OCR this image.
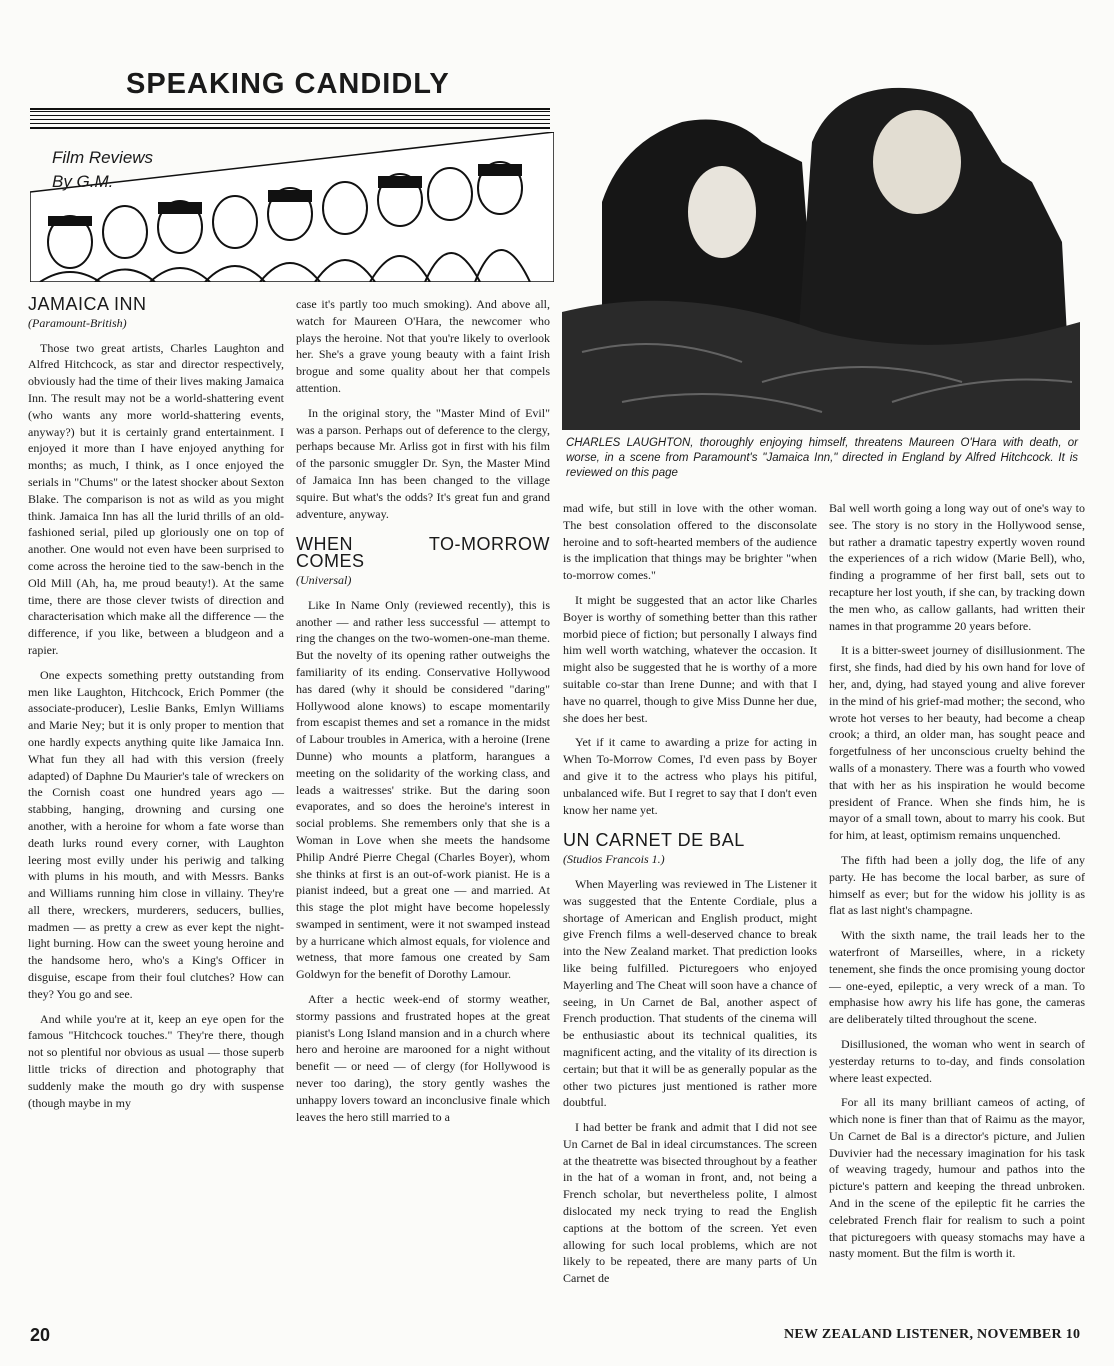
SPEAKING CANDIDLY
Film Reviews
By G.M.
CHARLES LAUGHTON, thoroughly enjoying himself, threatens Maureen O'Hara with death, or worse, in a scene from Paramount's "Jamaica Inn," directed in England by Alfred Hitchcock. It is reviewed on this page
JAMAICA INN

(Paramount-British)

Those two great artists, Charles Laughton and Alfred Hitchcock, as star and director respectively, obviously had the time of their lives making Jamaica Inn. The result may not be a world-shattering event (who wants any more world-shattering events, anyway?) but it is certainly grand entertainment. I enjoyed it more than I have enjoyed anything for months; as much, I think, as I once enjoyed the serials in "Chums" or the latest shocker about Sexton Blake. The comparison is not as wild as you might think. Jamaica Inn has all the lurid thrills of an old-fashioned serial, piled up gloriously one on top of another. One would not even have been surprised to come across the heroine tied to the saw-bench in the Old Mill (Ah, ha, me proud beauty!). At the same time, there are those clever twists of direction and characterisation which make all the difference — the difference, if you like, between a bludgeon and a rapier.

One expects something pretty outstanding from men like Laughton, Hitchcock, Erich Pommer (the associate-producer), Leslie Banks, Emlyn Williams and Marie Ney; but it is only proper to mention that one hardly expects anything quite like Jamaica Inn. What fun they all had with this version (freely adapted) of Daphne Du Maurier's tale of wreckers on the Cornish coast one hundred years ago — stabbing, hanging, drowning and cursing one another, with a heroine for whom a fate worse than death lurks round every corner, with Laughton leering most evilly under his periwig and talking with plums in his mouth, and with Messrs. Banks and Williams running him close in villainy. They're all there, wreckers, murderers, seducers, bullies, madmen — as pretty a crew as ever kept the night-light burning. How can the sweet young heroine and the handsome hero, who's a King's Officer in disguise, escape from their foul clutches? How can they? You go and see.

And while you're at it, keep an eye open for the famous "Hitchcock touches." They're there, though not so plentiful nor obvious as usual — those superb little tricks of direction and photography that suddenly make the mouth go dry with suspense (though maybe in my

case it's partly too much smoking). And above all, watch for Maureen O'Hara, the newcomer who plays the heroine. Not that you're likely to overlook her. She's a grave young beauty with a faint Irish brogue and some quality about her that compels attention.

In the original story, the "Master Mind of Evil" was a parson. Perhaps out of deference to the clergy, perhaps because Mr. Arliss got in first with his film of the parsonic smuggler Dr. Syn, the Master Mind of Jamaica Inn has been changed to the village squire. But what's the odds? It's great fun and grand adventure, anyway.

WHEN TO-MORROW COMES

(Universal)

Like In Name Only (reviewed recently), this is another — and rather less successful — attempt to ring the changes on the two-women-one-man theme. But the novelty of its opening rather outweighs the familiarity of its ending. Conservative Hollywood has dared (why it should be considered "daring" Hollywood alone knows) to escape momentarily from escapist themes and set a romance in the midst of Labour troubles in America, with a heroine (Irene Dunne) who mounts a platform, harangues a meeting on the solidarity of the working class, and leads a waitresses' strike. But the daring soon evaporates, and so does the heroine's interest in social problems. She remembers only that she is a Woman in Love when she meets the handsome Philip André Pierre Chegal (Charles Boyer), whom she thinks at first is an out-of-work pianist. He is a pianist indeed, but a great one — and married. At this stage the plot might have become hopelessly swamped in sentiment, were it not swamped instead by a hurricane which almost equals, for violence and wetness, that more famous one created by Sam Goldwyn for the benefit of Dorothy Lamour.

After a hectic week-end of stormy weather, stormy passions and frustrated hopes at the great pianist's Long Island mansion and in a church where hero and heroine are marooned for a night without benefit — or need — of clergy (for Hollywood is never too daring), the story gently washes the unhappy lovers toward an inconclusive finale which leaves the hero still married to a

mad wife, but still in love with the other woman. The best consolation offered to the disconsolate heroine and to soft-hearted members of the audience is the implication that things may be brighter "when to-morrow comes."

It might be suggested that an actor like Charles Boyer is worthy of something better than this rather morbid piece of fiction; but personally I always find him well worth watching, whatever the occasion. It might also be suggested that he is worthy of a more suitable co-star than Irene Dunne; and with that I have no quarrel, though to give Miss Dunne her due, she does her best.

Yet if it came to awarding a prize for acting in When To-Morrow Comes, I'd even pass by Boyer and give it to the actress who plays his pitiful, unbalanced wife. But I regret to say that I don't even know her name yet.

UN CARNET DE BAL

(Studios Francois 1.)

When Mayerling was reviewed in The Listener it was suggested that the Entente Cordiale, plus a shortage of American and English product, might give French films a well-deserved chance to break into the New Zealand market. That prediction looks like being fulfilled. Picturegoers who enjoyed Mayerling and The Cheat will soon have a chance of seeing, in Un Carnet de Bal, another aspect of French production. That students of the cinema will be enthusiastic about its technical qualities, its magnificent acting, and the vitality of its direction is certain; but that it will be as generally popular as the other two pictures just mentioned is rather more doubtful.

I had better be frank and admit that I did not see Un Carnet de Bal in ideal circumstances. The screen at the theatrette was bisected throughout by a feather in the hat of a woman in front, and, not being a French scholar, but nevertheless polite, I almost dislocated my neck trying to read the English captions at the bottom of the screen. Yet even allowing for such local problems, which are not likely to be repeated, there are many parts of Un Carnet de

Bal well worth going a long way out of one's way to see. The story is no story in the Hollywood sense, but rather a dramatic tapestry expertly woven round the experiences of a rich widow (Marie Bell), who, finding a programme of her first ball, sets out to recapture her lost youth, if she can, by tracking down the men who, as callow gallants, had written their names in that programme 20 years before.

It is a bitter-sweet journey of disillusionment. The first, she finds, had died by his own hand for love of her, and, dying, had stayed young and alive forever in the mind of his grief-mad mother; the second, who wrote hot verses to her beauty, had become a cheap crook; a third, an older man, has sought peace and forgetfulness of her unconscious cruelty behind the walls of a monastery. There was a fourth who vowed that with her as his inspiration he would become president of France. When she finds him, he is mayor of a small town, about to marry his cook. But for him, at least, optimism remains unquenched.

The fifth had been a jolly dog, the life of any party. He has become the local barber, as sure of himself as ever; but for the widow his jollity is as flat as last night's champagne.

With the sixth name, the trail leads her to the waterfront of Marseilles, where, in a rickety tenement, she finds the once promising young doctor — one-eyed, epileptic, a very wreck of a man. To emphasise how awry his life has gone, the cameras are deliberately tilted throughout the scene.

Disillusioned, the woman who went in search of yesterday returns to to-day, and finds consolation where least expected.

For all its many brilliant cameos of acting, of which none is finer than that of Raimu as the mayor, Un Carnet de Bal is a director's picture, and Julien Duvivier had the necessary imagination for his task of weaving tragedy, humour and pathos into the picture's pattern and keeping the thread unbroken. And in the scene of the epileptic fit he carries the celebrated French flair for realism to such a point that picturegoers with queasy stomachs may have a nasty moment. But the film is worth it.

20	NEW ZEALAND LISTENER, NOVEMBER 10
